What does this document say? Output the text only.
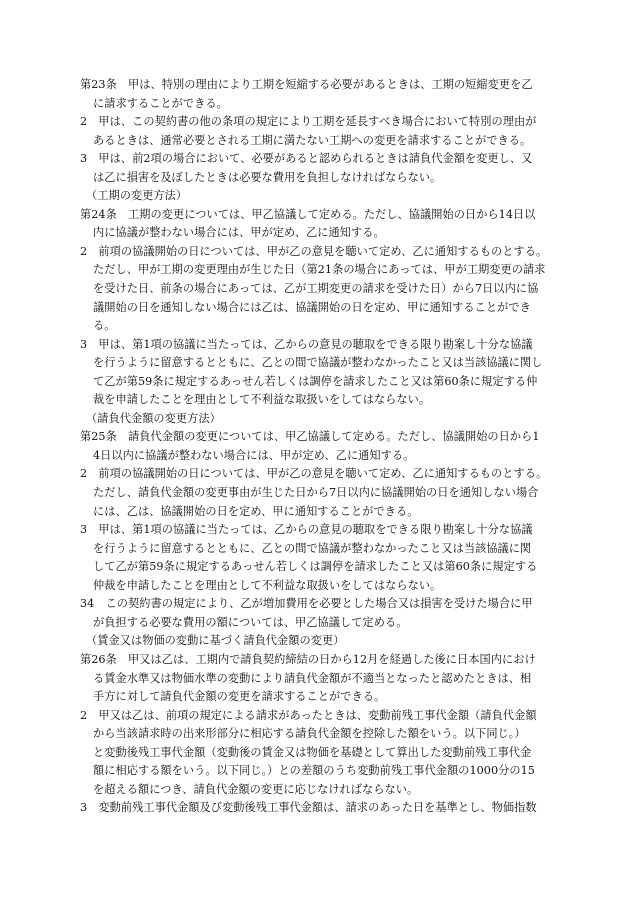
第23条　甲は、特別の理由により工期を短縮する必要があるときは、工期の短縮変更を乙
に請求することができる。

2　甲は、この契約書の他の条項の規定により工期を延長すべき場合において特別の理由が
あるときは、通常必要とされる工期に満たない工期への変更を請求することができる。

3　甲は、前2項の場合において、必要があると認められるときは請負代金額を変更し、又
は乙に損害を及ぼしたときは必要な費用を負担しなければならない。

（工期の変更方法）

第24条　工期の変更については、甲乙協議して定める。ただし、協議開始の日から14日以
内に協議が整わない場合には、甲が定め、乙に通知する。

2　前項の協議開始の日については、甲が乙の意見を聴いて定め、乙に通知するものとする。
ただし、甲が工期の変更理由が生じた日（第21条の場合にあっては、甲が工期変更の請求
を受けた日、前条の場合にあっては、乙が工期変更の請求を受けた日）から7日以内に協
議開始の日を通知しない場合には乙は、協議開始の日を定め、甲に通知することができ
る。

3　甲は、第1項の協議に当たっては、乙からの意見の聴取をできる限り勘案し十分な協議
を行うように留意するとともに、乙との間で協議が整わなかったこと又は当該協議に関し
て乙が第59条に規定するあっせん若しくは調停を請求したこと又は第60条に規定する仲
裁を申請したことを理由として不利益な取扱いをしてはならない。

（請負代金額の変更方法）

第25条　請負代金額の変更については、甲乙協議して定める。ただし、協議開始の日から1
4日以内に協議が整わない場合には、甲が定め、乙に通知する。

2　前項の協議開始の日については、甲が乙の意見を聴いて定め、乙に通知するものとする。
ただし、請負代金額の変更事由が生じた日から7日以内に協議開始の日を通知しない場合
には、乙は、協議開始の日を定め、甲に通知することができる。

3　甲は、第1項の協議に当たっては、乙からの意見の聴取をできる限り勘案し十分な協議
を行うように留意するとともに、乙との間で協議が整わなかったこと又は当該協議に関
して乙が第59条に規定するあっせん若しくは調停を請求したこと又は第60条に規定する
仲裁を申請したことを理由として不利益な取扱いをしてはならない。

34　この契約書の規定により、乙が増加費用を必要とした場合又は損害を受けた場合に甲
が負担する必要な費用の額については、甲乙協議して定める。

（賃金又は物価の変動に基づく請負代金額の変更）

第26条　甲又は乙は、工期内で請負契約締結の日から12月を経過した後に日本国内におけ
る賃金水準又は物価水準の変動により請負代金額が不適当となったと認めたときは、相
手方に対して請負代金額の変更を請求することができる。

2　甲又は乙は、前項の規定による請求があったときは、変動前残工事代金額（請負代金額
から当該請求時の出来形部分に相応する請負代金額を控除した額をいう。以下同じ。）
と変動後残工事代金額（変動後の賃金又は物価を基礎として算出した変動前残工事代金
額に相応する額をいう。以下同じ。）との差額のうち変動前残工事代金額の1000分の15
を超える額につき、請負代金額の変更に応じなければならない。

3　変動前残工事代金額及び変動後残工事代金額は、請求のあった日を基準とし、物価指数
